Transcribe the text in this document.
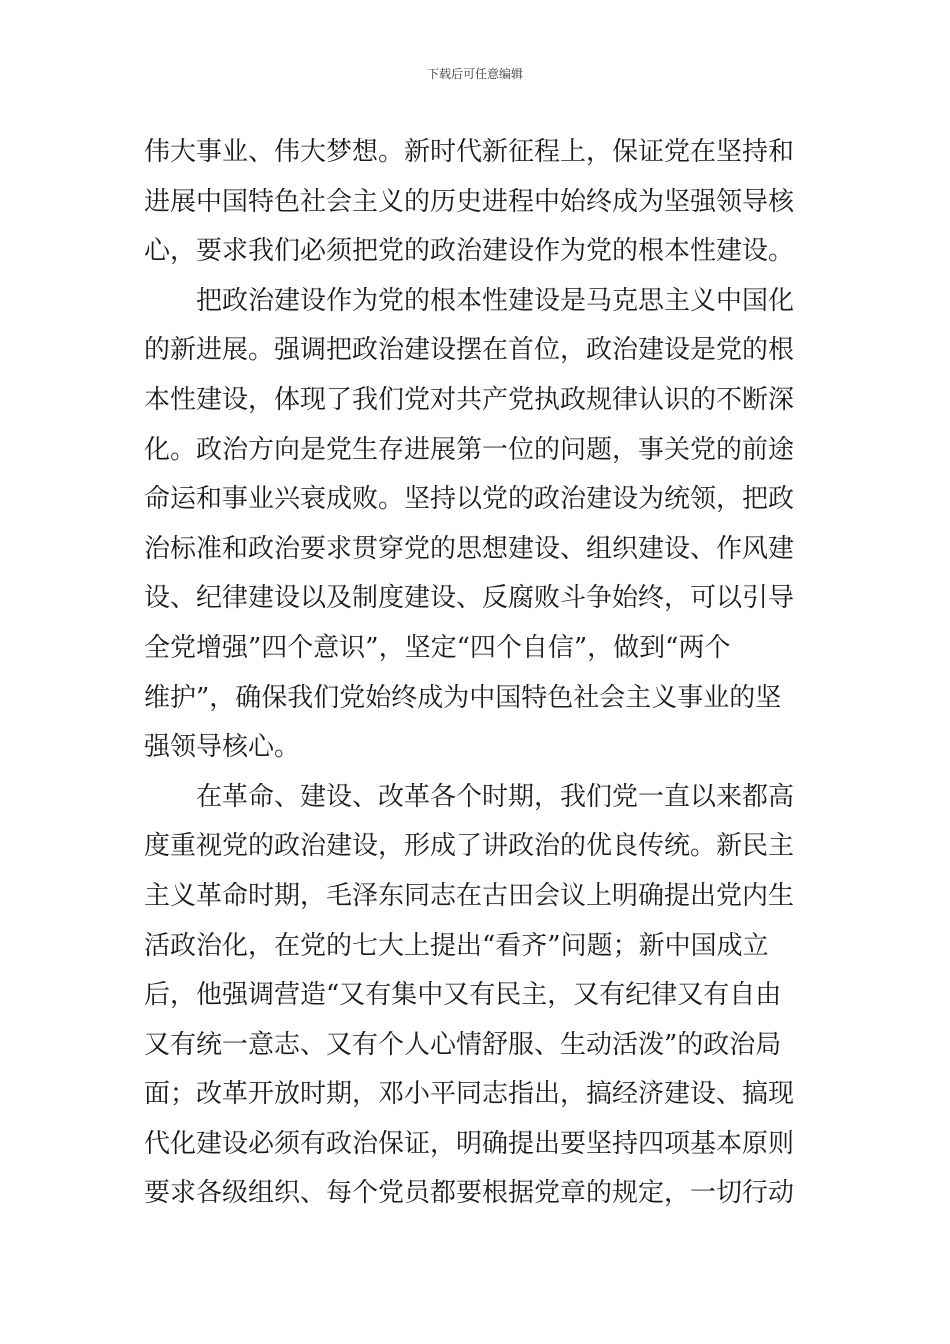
下载后可任意编辑
伟大事业、伟大梦想。新时代新征程上，保证党在坚持和
进展中国特色社会主义的历史进程中始终成为坚强领导核
心，要求我们必须把党的政治建设作为党的根本性建设。
把政治建设作为党的根本性建设是马克思主义中国化
的新进展。强调把政治建设摆在首位，政治建设是党的根
本性建设，体现了我们党对共产党执政规律认识的不断深
化。政治方向是党生存进展第一位的问题，事关党的前途
命运和事业兴衰成败。坚持以党的政治建设为统领，把政
治标准和政治要求贯穿党的思想建设、组织建设、作风建
设、纪律建设以及制度建设、反腐败斗争始终，可以引导
全党增强”四个意识”，坚定“四个自信”，做到“两个
维护”，确保我们党始终成为中国特色社会主义事业的坚
强领导核心。
在革命、建设、改革各个时期，我们党一直以来都高
度重视党的政治建设，形成了讲政治的优良传统。新民主
主义革命时期，毛泽东同志在古田会议上明确提出党内生
活政治化，在党的七大上提出“看齐”问题；新中国成立
后，他强调营造“又有集中又有民主，又有纪律又有自由
又有统一意志、又有个人心情舒服、生动活泼”的政治局
面；改革开放时期，邓小平同志指出，搞经济建设、搞现
代化建设必须有政治保证，明确提出要坚持四项基本原则
要求各级组织、每个党员都要根据党章的规定，一切行动
